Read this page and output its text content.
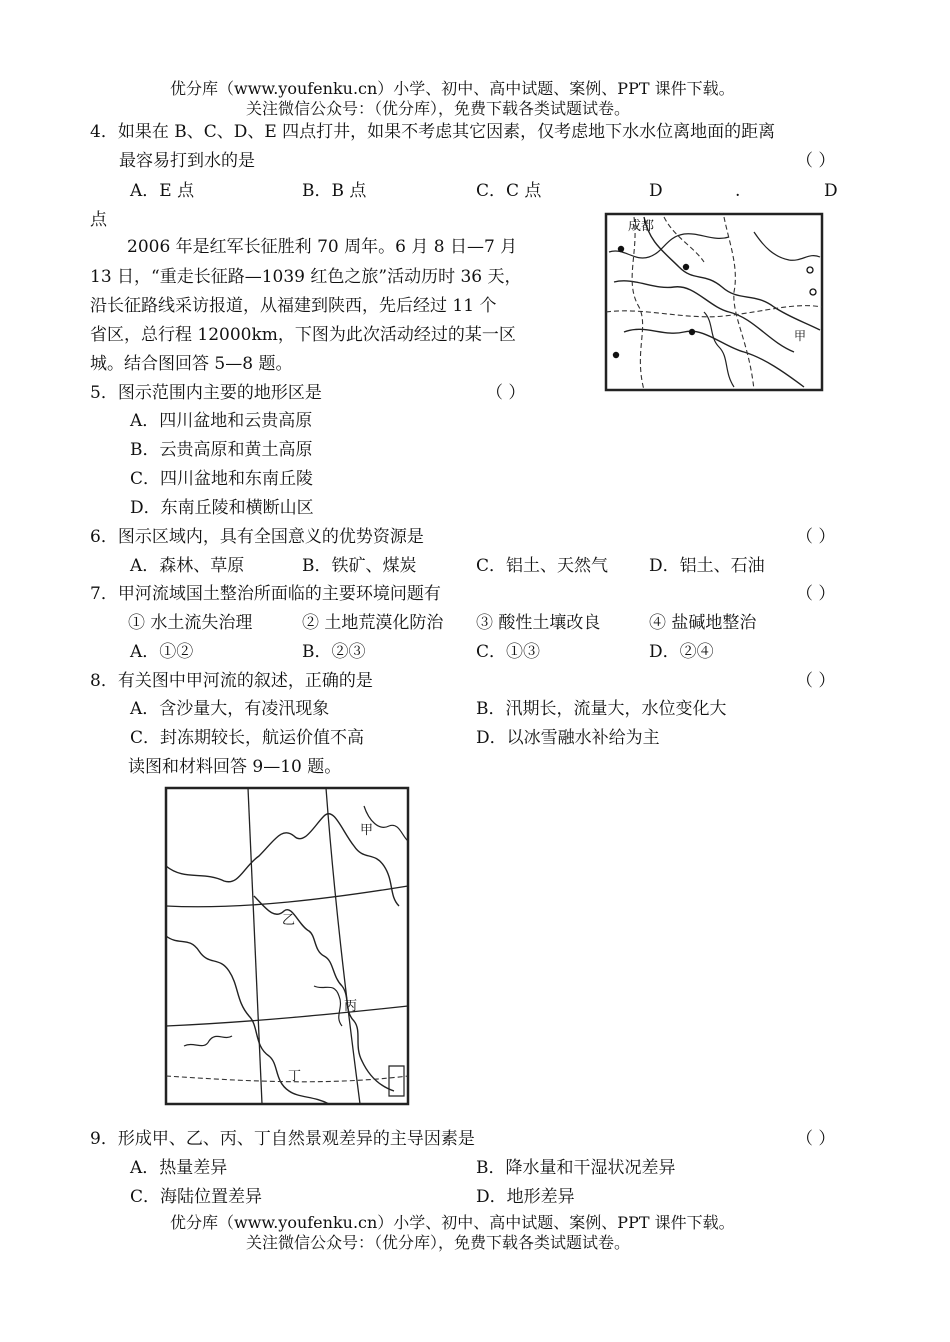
优分库（www.youfenku.cn）小学、初中、高中试题、案例、PPT 课件下载。
关注微信公众号：（优分库），免费下载各类试题试卷。
4．如果在 B、C、D、E 四点打井，如果不考虑其它因素，仅考虑地下水水位离地面的距离
最容易打到水的是	（ ）
A．E 点	B．B 点	C．C 点	D	.	D
点
2006 年是红军长征胜利 70 周年。6 月 8 日—7 月
13 日，“重走长征路—1039 红色之旅”活动历时 36 天，
沿长征路线采访报道，从福建到陕西，先后经过 11 个
省区，总行程 12000km，下图为此次活动经过的某一区
城。结合图回答 5—8 题。
成都
甲
5．图示范围内主要的地形区是	（ ）
A．四川盆地和云贵高原
B．云贵高原和黄土高原
C．四川盆地和东南丘陵
D．东南丘陵和横断山区
6．图示区域内，具有全国意义的优势资源是	（ ）
A．森林、草原	B．铁矿、煤炭	C．铝土、天然气 D．铝土、石油
7．甲河流域国土整治所面临的主要环境问题有	（ ）
① 水土流失治理	② 土地荒漠化防治 ③ 酸性土壤改良	④ 盐碱地整治
A．①②	B．②③	C．①③	D．②④
8．有关图中甲河流的叙述，正确的是	（ ）
A．含沙量大，有凌汛现象	B．汛期长，流量大，水位变化大
C．封冻期较长，航运价值不高	D．以冰雪融水补给为主
读图和材料回答 9—10 题。
甲
乙
丙
丁
9．形成甲、乙、丙、丁自然景观差异的主导因素是	（ ）
A．热量差异	B．降水量和干湿状况差异
C．海陆位置差异	D．地形差异
优分库（www.youfenku.cn）小学、初中、高中试题、案例、PPT 课件下载。
关注微信公众号：（优分库），免费下载各类试题试卷。
